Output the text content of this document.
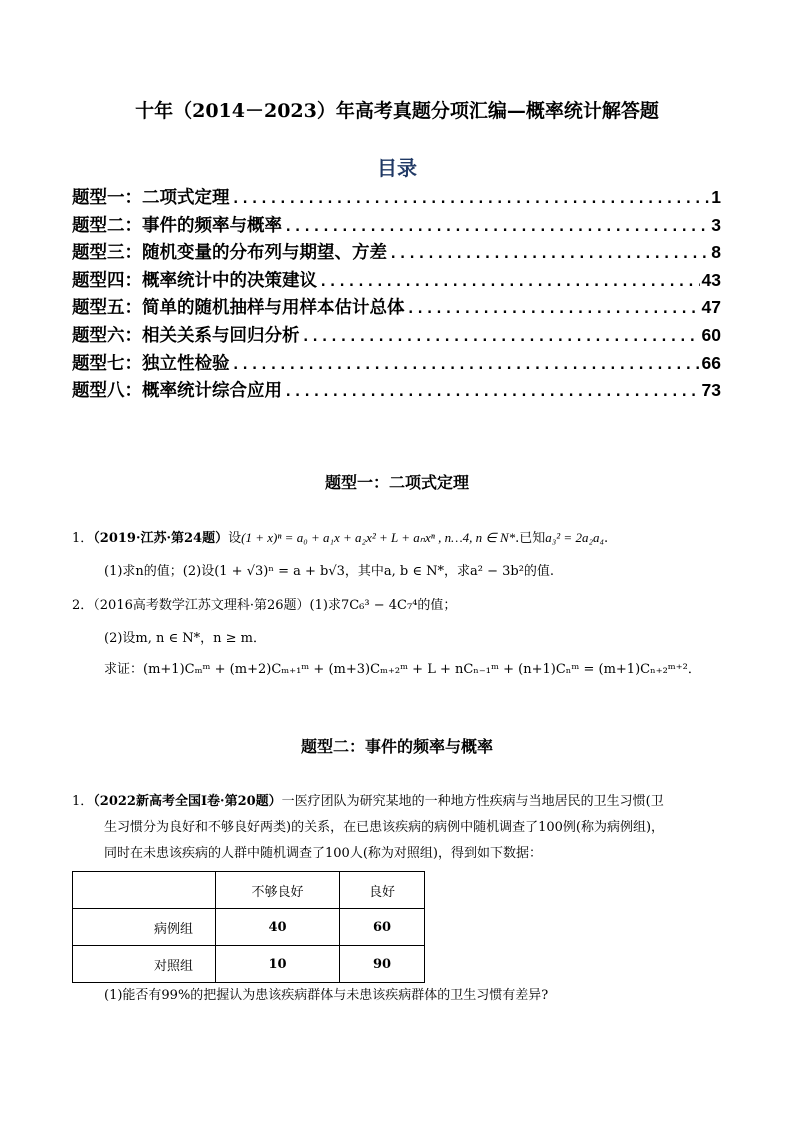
十年（2014－2023）年高考真题分项汇编—概率统计解答题
目录
题型一：二项式定理 .....	1
题型二：事件的频率与概率 .....	3
题型三：随机变量的分布列与期望、方差 .....	8
题型四：概率统计中的决策建议 .....	43
题型五：简单的随机抽样与用样本估计总体 .....	47
题型六：相关关系与回归分析 .....	60
题型七：独立性检验 .....	66
题型八：概率统计综合应用 .....	73
题型一：二项式定理
1．（2019·江苏·第24题）设(1 + x)ⁿ = a₀ + a₁x + a₂x² + L + aₙxⁿ , n…4, n ∈ N*.已知a₃² = 2a₂a₄.
(1)求n的值；(2)设(1 + √3)ⁿ = a + b√3，其中a, b ∈ N*，求a² − 3b²的值.
2．（2016高考数学江苏文理科·第26题）(1)求7C₆³ − 4C₇⁴的值；
(2)设m, n ∈ N*，n ≥ m．
求证：(m+1)Cₘᵐ + (m+2)Cₘ₊₁ᵐ + (m+3)Cₘ₊₂ᵐ + L + nCₙ₋₁ᵐ + (n+1)Cₙᵐ = (m+1)Cₙ₊₂ᵐ⁺²．
题型二：事件的频率与概率
1．（2022新高考全国Ⅰ卷·第20题）一医疗团队为研究某地的一种地方性疾病与当地居民的卫生习惯(卫
生习惯分为良好和不够良好两类)的关系，在已患该疾病的病例中随机调查了100例(称为病例组)，
同时在未患该疾病的人群中随机调查了100人(称为对照组)，得到如下数据：
	不够良好	良好
病例组	40	60
对照组	10	90
(1)能否有99%的把握认为患该疾病群体与未患该疾病群体的卫生习惯有差异?
